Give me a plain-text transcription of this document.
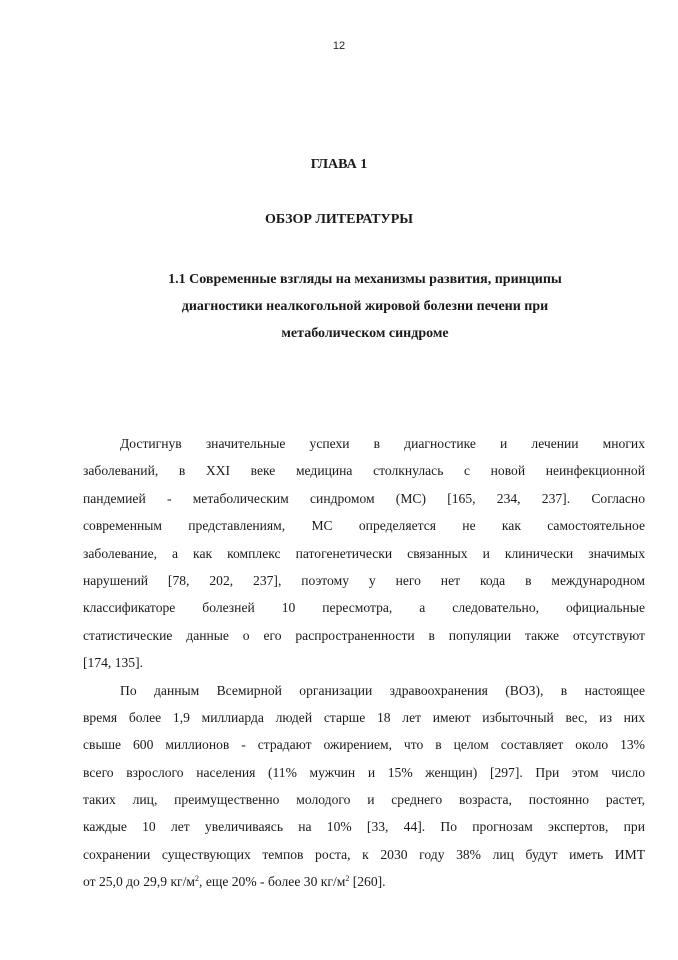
12
ГЛАВА 1
ОБЗОР ЛИТЕРАТУРЫ
1.1 Современные взгляды на механизмы развития, принципы
диагностики неалкогольной жировой болезни печени при
метаболическом синдроме
Достигнув значительные успехи в диагностике и лечении многих
заболеваний, в XXI веке медицина столкнулась с новой неинфекционной
пандемией - метаболическим синдромом (МС) [165, 234, 237]. Согласно
современным представлениям, МС определяется не как самостоятельное
заболевание, а как комплекс патогенетически связанных и клинически значимых
нарушений [78, 202, 237], поэтому у него нет кода в международном
классификаторе болезней 10 пересмотра, а следовательно, официальные
статистические данные о его распространенности в популяции также отсутствуют
[174, 135].
По данным Всемирной организации здравоохранения (ВОЗ), в настоящее
время более 1,9 миллиарда людей старше 18 лет имеют избыточный вес, из них
свыше 600 миллионов - страдают ожирением, что в целом составляет около 13%
всего взрослого населения (11% мужчин и 15% женщин) [297]. При этом число
таких лиц, преимущественно молодого и среднего возраста, постоянно растет,
каждые 10 лет увеличиваясь на 10% [33, 44]. По прогнозам экспертов, при
сохранении существующих темпов роста, к 2030 году 38% лиц будут иметь ИМТ
от 25,0 до 29,9 $кг/м^2$, еще 20% - более 30 $кг/м^2$ [260].
